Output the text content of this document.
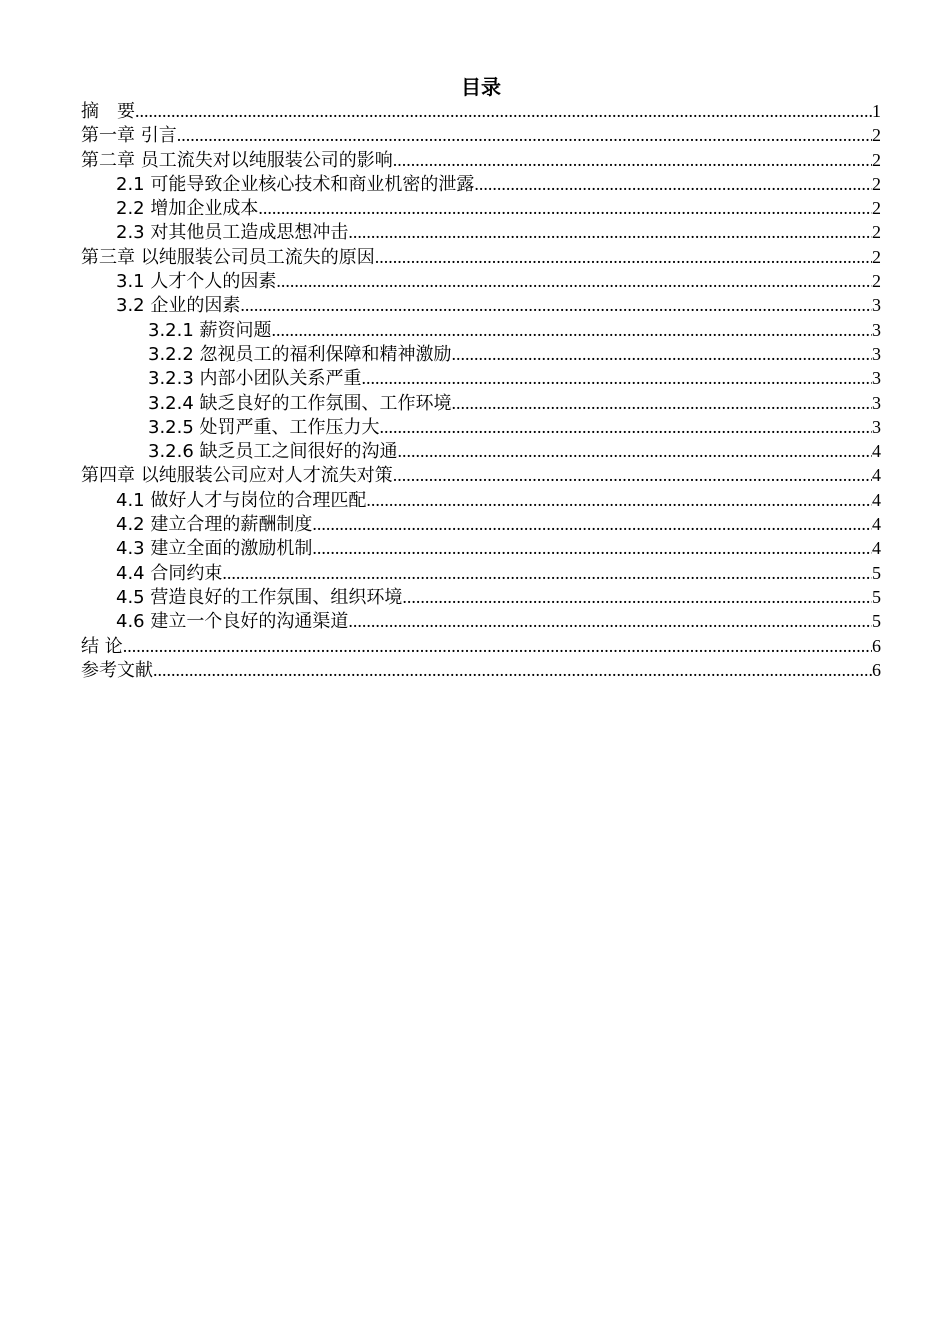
目录
摘　要 .....	1
第一章 引言 .....	2
第二章 员工流失对以纯服装公司的影响 .....	2
2.1 可能导致企业核心技术和商业机密的泄露 .....	2
2.2 增加企业成本 .....	2
2.3 对其他员工造成思想冲击 .....	2
第三章 以纯服装公司员工流失的原因 .....	2
3.1 人才个人的因素 .....	2
3.2 企业的因素 .....	3
3.2.1 薪资问题 .....	3
3.2.2 忽视员工的福利保障和精神激励 .....	3
3.2.3 内部小团队关系严重 .....	3
3.2.4 缺乏良好的工作氛围、工作环境 .....	3
3.2.5 处罚严重、工作压力大 .....	3
3.2.6 缺乏员工之间很好的沟通 .....	4
第四章 以纯服装公司应对人才流失对策 .....	4
4.1 做好人才与岗位的合理匹配 .....	4
4.2 建立合理的薪酬制度 .....	4
4.3 建立全面的激励机制 .....	4
4.4 合同约束 .....	5
4.5 营造良好的工作氛围、组织环境 .....	5
4.6 建立一个良好的沟通渠道 .....	5
结 论 .....	6
参考文献 .....	6
